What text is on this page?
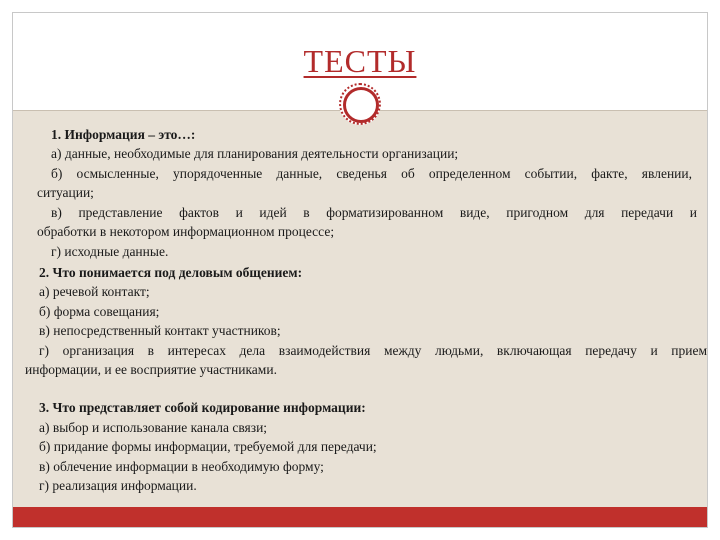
ТЕСТЫ
1. Информация – это…:
а) данные, необходимые для планирования деятельности организации;
б) осмысленные, упорядоченные данные, сведенья об определенном событии, факте, явлении,
ситуации;
в) представление фактов и идей в форматизированном виде, пригодном для передачи и
обработки в некотором информационном процессе;
г) исходные данные.
2. Что понимается под деловым общением:
а) речевой контакт;
б) форма совещания;
в) непосредственный контакт участников;
г) организация в интересах дела взаимодействия между людьми, включающая передачу и прием
информации, и ее восприятие участниками.
3. Что представляет собой кодирование информации:
а) выбор и использование канала связи;
б) придание формы информации, требуемой для передачи;
в) облечение информации в необходимую форму;
г) реализация информации.
